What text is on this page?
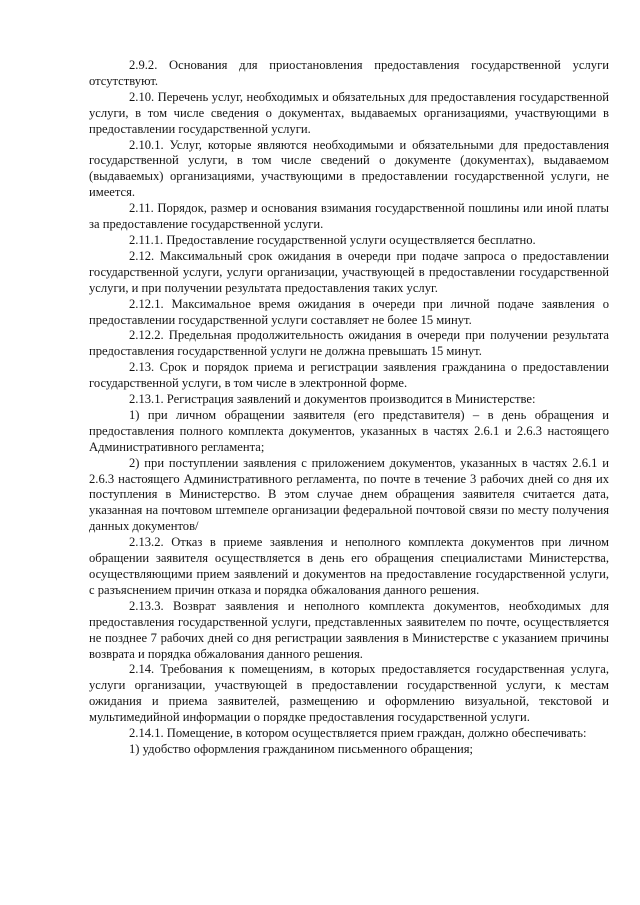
2.9.2. Основания для приостановления предоставления государственной услуги отсутствуют.

2.10. Перечень услуг, необходимых и обязательных для предоставления государственной услуги, в том числе сведения о документах, выдаваемых организациями, участвующими в предоставлении государственной услуги.

2.10.1. Услуг, которые являются необходимыми и обязательными для предоставления государственной услуги, в том числе сведений о документе (документах), выдаваемом (выдаваемых) организациями, участвующими в предоставлении государственной услуги, не имеется.

2.11. Порядок, размер и основания взимания государственной пошлины или иной платы за предоставление государственной услуги.

2.11.1. Предоставление государственной услуги осуществляется бесплатно.

2.12. Максимальный срок ожидания в очереди при подаче запроса о предоставлении государственной услуги, услуги организации, участвующей в предоставлении государственной услуги, и при получении результата предоставления таких услуг.

2.12.1. Максимальное время ожидания в очереди при личной подаче заявления о предоставлении государственной услуги составляет не более 15 минут.

2.12.2. Предельная продолжительность ожидания в очереди при получении результата предоставления государственной услуги не должна превышать 15 минут.

2.13. Срок и порядок приема и регистрации заявления гражданина о предоставлении государственной услуги, в том числе в электронной форме.

2.13.1. Регистрация заявлений и документов производится в Министерстве:

1) при личном обращении заявителя (его представителя) – в день обращения и предоставления полного комплекта документов, указанных в частях 2.6.1 и 2.6.3 настоящего Административного регламента;

2) при поступлении заявления с приложением документов, указанных в частях 2.6.1 и 2.6.3 настоящего Административного регламента, по почте в течение 3 рабочих дней со дня их поступления в Министерство. В этом случае днем обращения заявителя считается дата, указанная на почтовом штемпеле организации федеральной почтовой связи по месту получения данных документов/

2.13.2. Отказ в приеме заявления и неполного комплекта документов при личном обращении заявителя осуществляется в день его обращения специалистами Министерства, осуществляющими прием заявлений и документов на предоставление государственной услуги, с разъяснением причин отказа и порядка обжалования данного решения.

2.13.3. Возврат заявления и неполного комплекта документов, необходимых для предоставления государственной услуги, представленных заявителем по почте, осуществляется не позднее 7 рабочих дней со дня регистрации заявления в Министерстве с указанием причины возврата и порядка обжалования данного решения.

2.14. Требования к помещениям, в которых предоставляется государственная услуга, услуги организации, участвующей в предоставлении государственной услуги, к местам ожидания и приема заявителей, размещению и оформлению визуальной, текстовой и мультимедийной информации о порядке предоставления государственной услуги.

2.14.1. Помещение, в котором осуществляется прием граждан, должно обеспечивать:

1) удобство оформления гражданином письменного обращения;
